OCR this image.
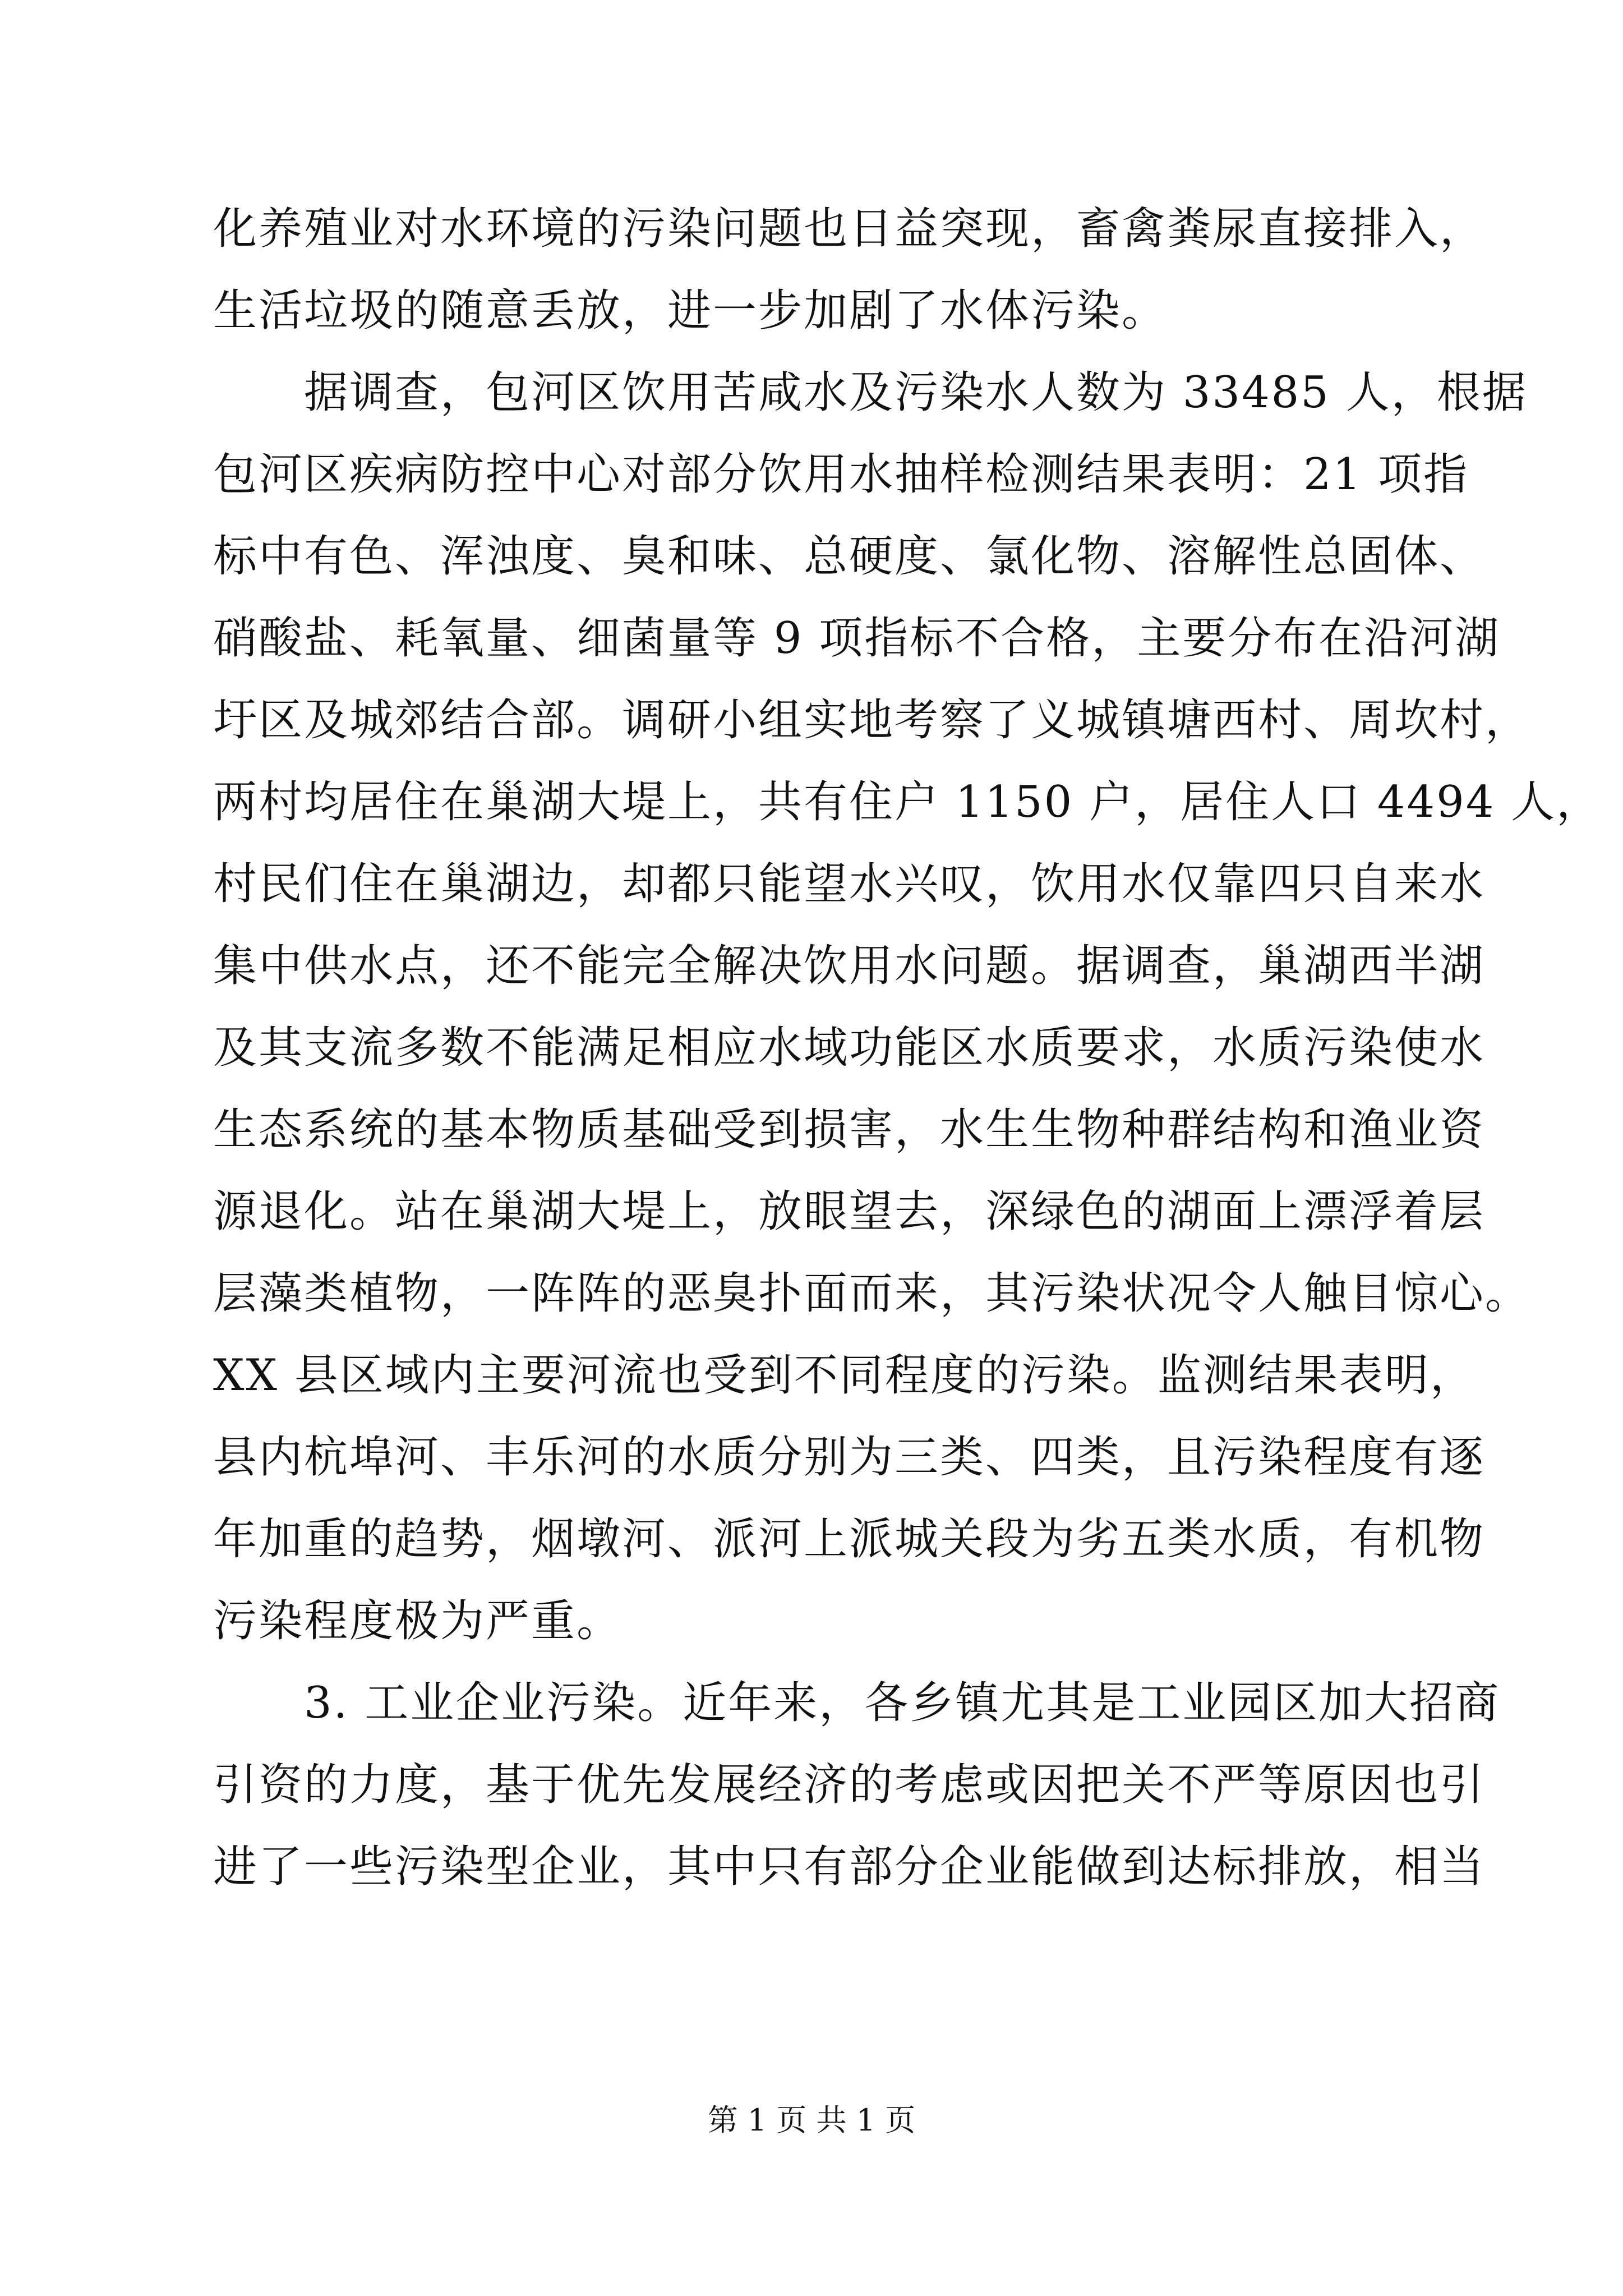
化养殖业对水环境的污染问题也日益突现，畜禽粪尿直接排入，
生活垃圾的随意丢放，进一步加剧了水体污染。
　　据调查，包河区饮用苦咸水及污染水人数为 33485 人，根据
包河区疾病防控中心对部分饮用水抽样检测结果表明：21 项指
标中有色、浑浊度、臭和味、总硬度、氯化物、溶解性总固体、
硝酸盐、耗氧量、细菌量等 9 项指标不合格，主要分布在沿河湖
圩区及城郊结合部。调研小组实地考察了义城镇塘西村、周坎村，
两村均居住在巢湖大堤上，共有住户 1150 户，居住人口 4494 人，
村民们住在巢湖边，却都只能望水兴叹，饮用水仅靠四只自来水
集中供水点，还不能完全解决饮用水问题。据调查，巢湖西半湖
及其支流多数不能满足相应水域功能区水质要求，水质污染使水
生态系统的基本物质基础受到损害，水生生物种群结构和渔业资
源退化。站在巢湖大堤上，放眼望去，深绿色的湖面上漂浮着层
层藻类植物，一阵阵的恶臭扑面而来，其污染状况令人触目惊心。
XX 县区域内主要河流也受到不同程度的污染。监测结果表明，
县内杭埠河、丰乐河的水质分别为三类、四类，且污染程度有逐
年加重的趋势，烟墩河、派河上派城关段为劣五类水质，有机物
污染程度极为严重。
　　3. 工业企业污染。近年来，各乡镇尤其是工业园区加大招商
引资的力度，基于优先发展经济的考虑或因把关不严等原因也引
进了一些污染型企业，其中只有部分企业能做到达标排放，相当
第 1 页 共 1 页
